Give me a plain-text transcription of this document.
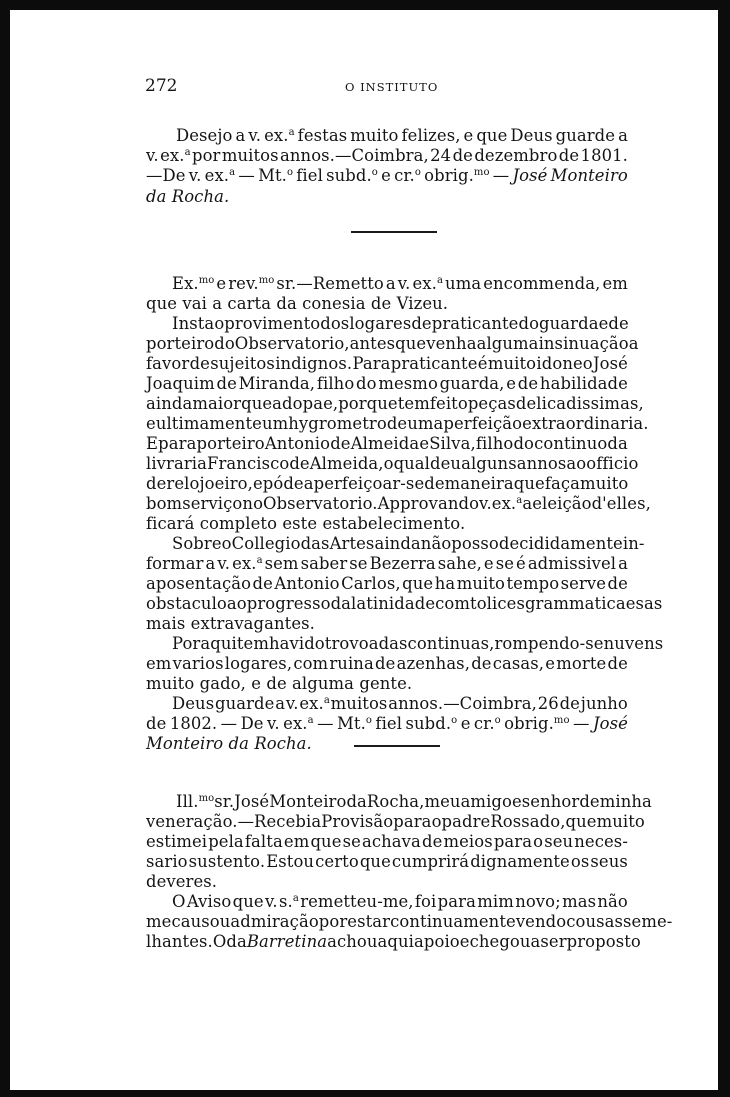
272	O INSTITUTO
Desejo a v. ex.$^a$ festas muito felizes, e que Deus guarde a
v. ex.$^a$ por muitos annos.—Coimbra, 24 de dezembro de 1801.
—De v. ex.$^a$ — Mt.$^o$ fiel subd.$^o$ e cr.$^o$ obrig.$^{mo}$ — José Monteiro
da Rocha.
Ex.$^{mo}$ e rev.$^{mo}$ sr.—Remetto a v. ex.$^a$ uma encommenda, em
que vai a carta da conesia de Vizeu.
Insta o provimento dos logares de praticante do guarda e de
porteiro do Observatorio, antes que venha alguma insinuação a
favor de sujeitos indignos. Para praticante é muito idoneo José
Joaquim de Miranda, filho do mesmo guarda, e de habilidade
ainda maior que a do pae, porque tem feito peças delicadissimas,
e ultimamente um hygrometro de uma perfeição extraordinaria.
E para porteiro Antonio de Almeida e Silva, filho do continuo da
livraria Francisco de Almeida, o qual deu alguns annos ao officio
de relojoeiro, e póde aperfeiçoar-se de maneira que faça muito
bom serviço no Observatorio. Approvando v. ex.$^a$ a eleição d'elles,
ficará completo este estabelecimento.
Sobre o Collegio das Artes ainda não posso decididamente in-
formar a v. ex.$^a$ sem saber se Bezerra sahe, e se é admissivel a
aposentação de Antonio Carlos, que ha muito tempo serve de
obstaculo ao progresso da latinidade com tolices grammaticaes as
mais extravagantes.
Por aqui tem havido trovoadas continuas, rompendo-se nuvens
em varios logares, com ruina de azenhas, de casas, e morte de
muito gado, e de alguma gente.
Deus guarde a v. ex.$^a$ muitos annos.—Coimbra, 26 de junho
de 1802. — De v. ex.$^a$ — Mt.$^o$ fiel subd.$^o$ e cr.$^o$ obrig.$^{mo}$ — José
Monteiro da Rocha.
Ill.$^{mo}$ sr. José Monteiro da Rocha, meu amigo e senhor de minha
veneração.—Recebi a Provisão para o padre Rossado, que muito
estimei pela falta em que se achava de meios para o seu neces-
sario sustento. Estou certo que cumprirá dignamente os seus
deveres.
O Aviso que v. s.$^a$ remetteu-me, foi para mim novo; mas não
me causou admiração por estar continuamente vendo cousas seme-
lhantes. O da Barretina achou aqui apoio e chegou a ser proposto
